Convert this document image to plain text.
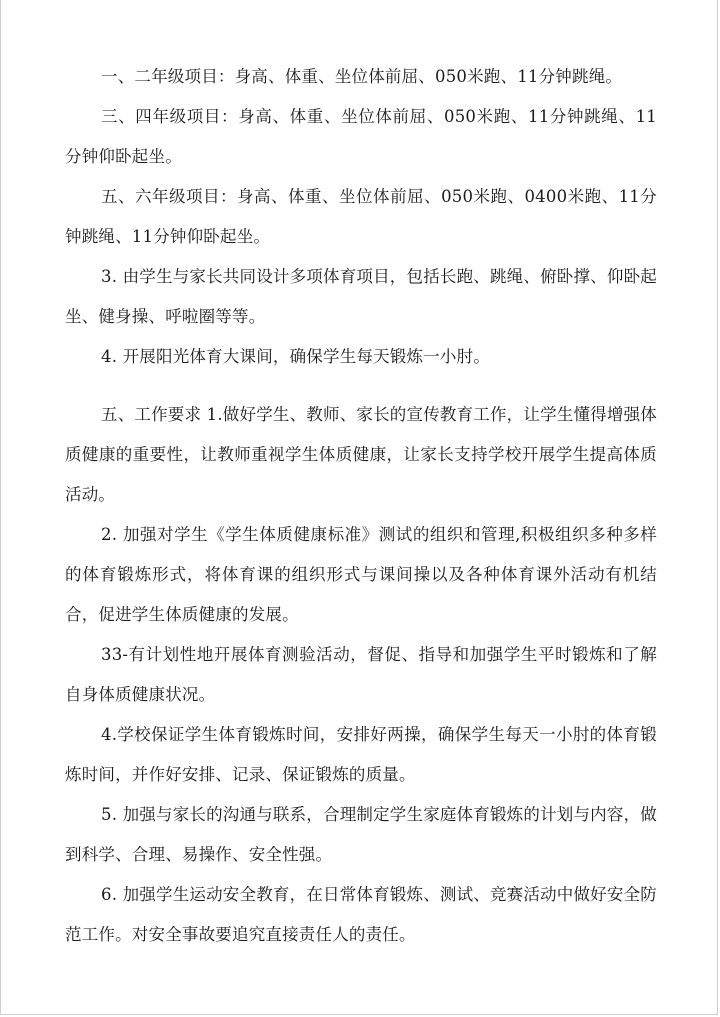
一、二年级项目：身高、体重、坐位体前屈、050米跑、11分钟跳绳。

三、四年级项目：身高、体重、坐位体前屈、050米跑、11分钟跳绳、11分钟仰卧起坐。

五、六年级项目：身高、体重、坐位体前屈、050米跑、0400米跑、11分钟跳绳、11分钟仰卧起坐。

3. 由学生与家长共同设计多项体育项目，包括长跑、跳绳、俯卧撑、仰卧起坐、健身操、呼啦圈等等。

4. 开展阳光体育大课间，确保学生每天锻炼一小肘。

五、工作要求 1.做好学生、教师、家长的宣传教育工作，让学生懂得增强体质健康的重要性，让教师重视学生体质健康，让家长支持学校幵展学生提高体质活动。

2. 加强对学生《学生体质健康标准》测试的组织和管理,积极组织多种多样的体育锻炼形式，将体育课的组织形式与课间操以及各种体育课外活动有机结合，促进学生体质健康的发展。

33-有计划性地幵展体育测验活动，督促、指导和加强学生平时锻炼和了解自身体质健康状况。

4.学校保证学生体育锻炼时间，安排好两操，确保学生每天一小肘的体育锻炼时间，并作好安排、记录、保证锻炼的质量。

5. 加强与家长的沟通与联系，合理制定学生家庭体育锻炼的计划与内容，做到科学、合理、易操作、安全性强。

6. 加强学生运动安全教育，在日常体育锻炼、测试、竞赛活动中做好安全防范工作。对安全事故要追究直接责任人的责任。
